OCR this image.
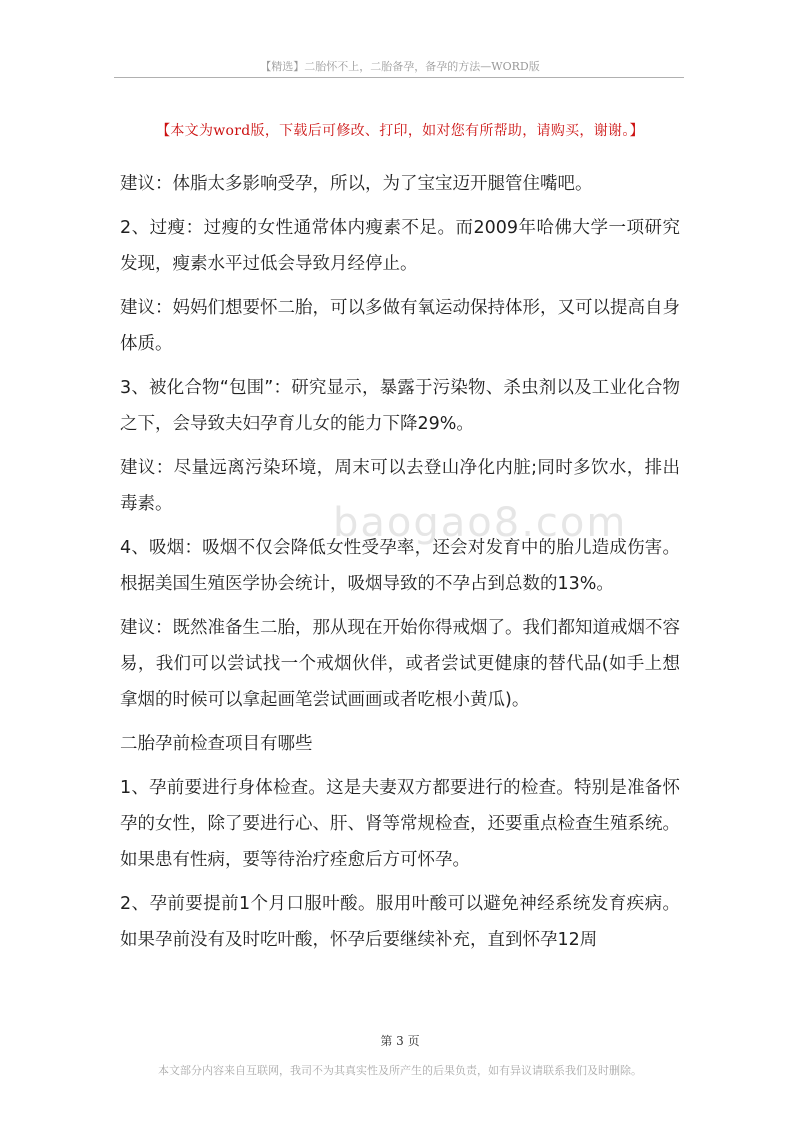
【精选】二胎怀不上，二胎备孕，备孕的方法—WORD版
【本文为word版，下载后可修改、打印，如对您有所帮助，请购买，谢谢。】
baogao8.com

建议：体脂太多影响受孕，所以，为了宝宝迈开腿管住嘴吧。

2、过瘦：过瘦的女性通常体内瘦素不足。而2009年哈佛大学一项研究发现，瘦素水平过低会导致月经停止。

建议：妈妈们想要怀二胎，可以多做有氧运动保持体形，又可以提高自身体质。

3、被化合物“包围”：研究显示，暴露于污染物、杀虫剂以及工业化合物之下，会导致夫妇孕育儿女的能力下降29%。

建议：尽量远离污染环境，周末可以去登山净化内脏;同时多饮水，排出毒素。

4、吸烟：吸烟不仅会降低女性受孕率，还会对发育中的胎儿造成伤害。根据美国生殖医学协会统计，吸烟导致的不孕占到总数的13%。

建议：既然准备生二胎，那从现在开始你得戒烟了。我们都知道戒烟不容易，我们可以尝试找一个戒烟伙伴，或者尝试更健康的替代品(如手上想拿烟的时候可以拿起画笔尝试画画或者吃根小黄瓜)。

二胎孕前检查项目有哪些

1、孕前要进行身体检查。这是夫妻双方都要进行的检查。特别是准备怀孕的女性，除了要进行心、肝、肾等常规检查，还要重点检查生殖系统。如果患有性病，要等待治疗痊愈后方可怀孕。

2、孕前要提前1个月口服叶酸。服用叶酸可以避免神经系统发育疾病。如果孕前没有及时吃叶酸，怀孕后要继续补充，直到怀孕12周

第 3 页
本文部分内容来自互联网，我司不为其真实性及所产生的后果负责，如有异议请联系我们及时删除。
